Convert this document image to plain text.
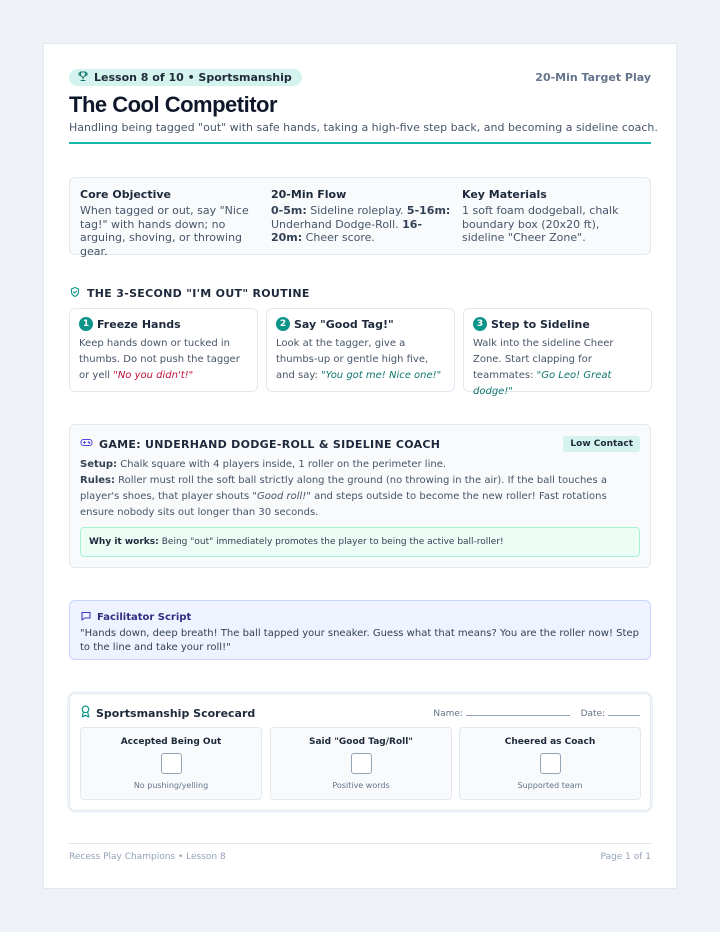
Lesson 8 of 10 • Sportsmanship	20-Min Target Play
The Cool Competitor
Handling being tagged "out" with safe hands, taking a high-five step back, and becoming a sideline coach.
Core Objective

When tagged or out, say "Nice tag!" with hands down; no arguing, shoving, or throwing gear.

20-Min Flow

0-5m: Sideline roleplay. 5-16m: Underhand Dodge-Roll. 16-20m: Cheer score.

Key Materials

1 soft foam dodgeball, chalk boundary box (20x20 ft), sideline "Cheer Zone".

THE 3-SECOND "I'M OUT" ROUTINE
1 Freeze Hands

Keep hands down or tucked in thumbs. Do not push the tagger or yell "No you didn't!"

2 Say "Good Tag!"

Look at the tagger, give a thumbs-up or gentle high five, and say: "You got me! Nice one!"

3 Step to Sideline

Walk into the sideline Cheer Zone. Start clapping for teammates: "Go Leo! Great dodge!"

GAME: UNDERHAND DODGE-ROLL & SIDELINE COACH	Low Contact
Setup: Chalk square with 4 players inside, 1 roller on the perimeter line.
Rules: Roller must roll the soft ball strictly along the ground (no throwing in the air). If the ball touches a player's shoes, that player shouts "Good roll!" and steps outside to become the new roller! Fast rotations ensure nobody sits out longer than 30 seconds.
Why it works: Being "out" immediately promotes the player to being the active ball-roller!
Facilitator Script
"Hands down, deep breath! The ball tapped your sneaker. Guess what that means? You are the roller now! Step to the line and take your roll!"
Sportsmanship Scorecard	Name:	Date:
Accepted Being Out
No pushing/yelling
Said "Good Tag/Roll"
Positive words
Cheered as Coach
Supported team
Recess Play Champions • Lesson 8	Page 1 of 1
